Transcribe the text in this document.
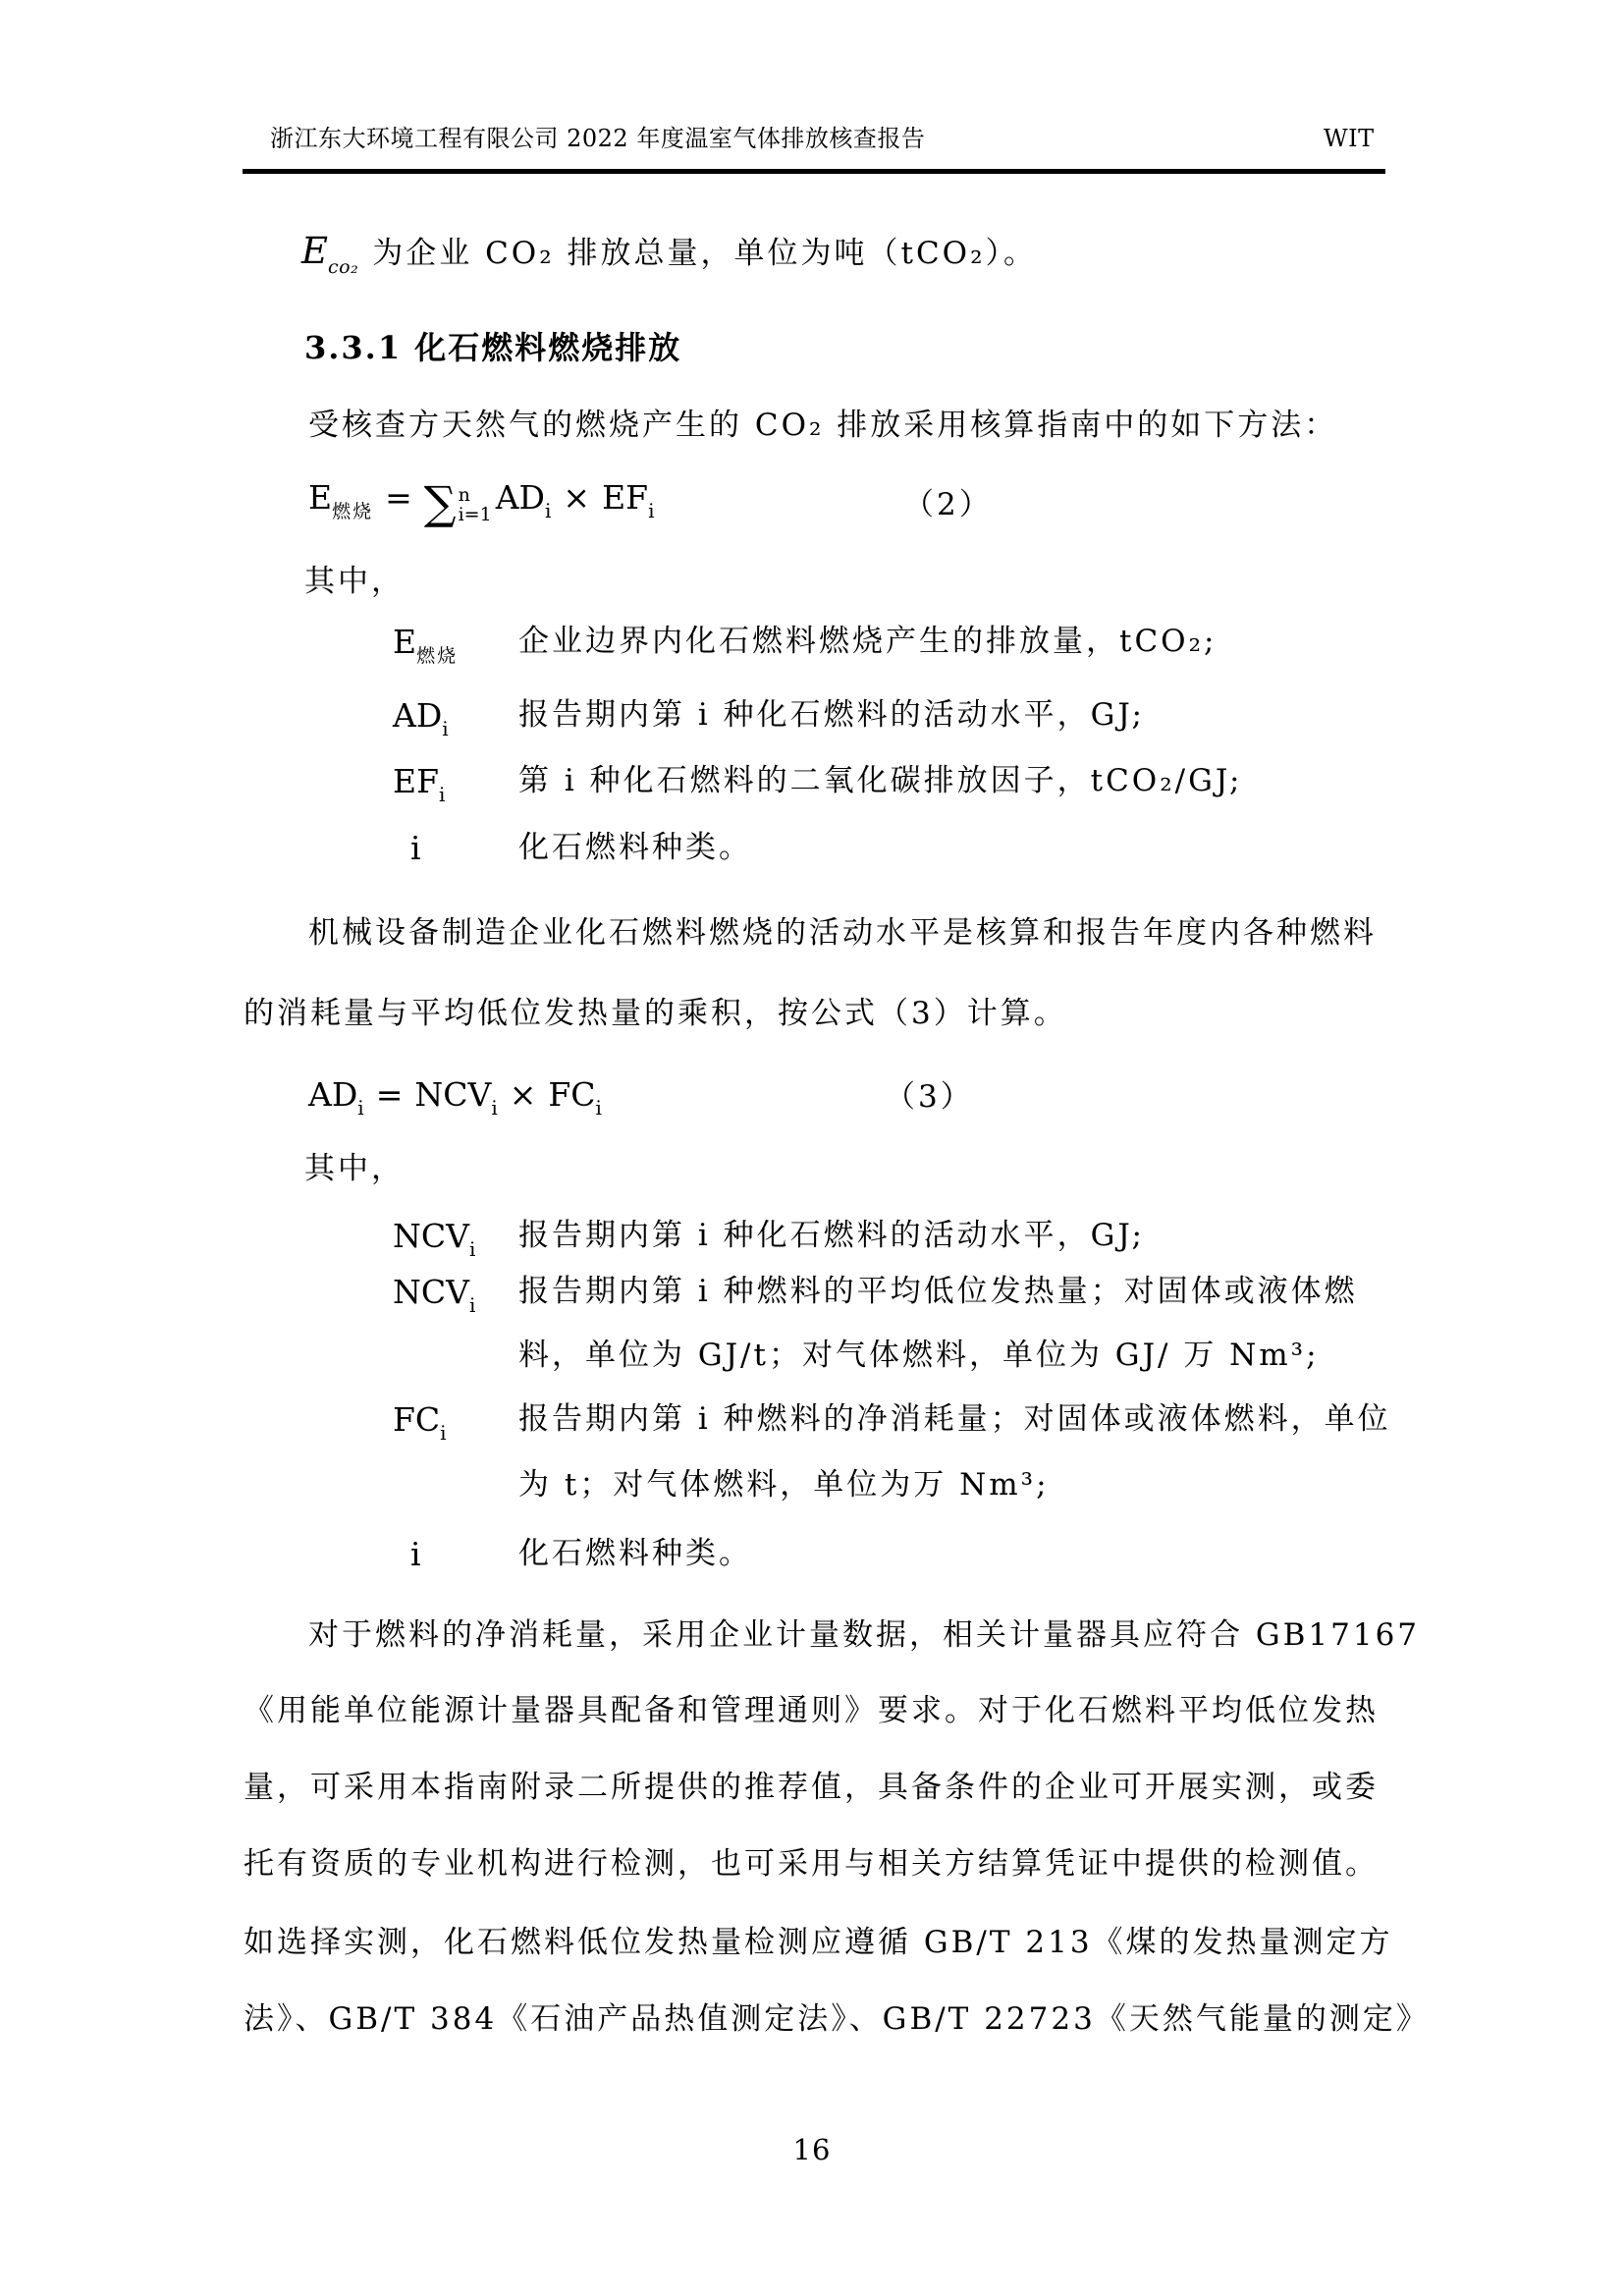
浙江东大环境工程有限公司 2022 年度温室气体排放核查报告	WIT
$E_{co_2}$ 为企业 CO₂ 排放总量，单位为吨（tCO₂）。
3.3.1 化石燃料燃烧排放
受核查方天然气的燃烧产生的 CO₂ 排放采用核算指南中的如下方法：
$E_{燃烧}$ = ∑ n
i=1 $AD_i \times EF_i$	（2）
其中，
$E_{燃烧}$ 企业边界内化石燃料燃烧产生的排放量，tCO₂;
$AD_i$ 报告期内第 i 种化石燃料的活动水平，GJ;
$EF_i$ 第 i 种化石燃料的二氧化碳排放因子，tCO₂/GJ;
i	化石燃料种类。
机械设备制造企业化石燃料燃烧的活动水平是核算和报告年度内各种燃料
的消耗量与平均低位发热量的乘积，按公式（3）计算。
$AD_i = NCV_i \times FC_i$	（3）
其中，
$NCV_i$ 报告期内第 i 种化石燃料的活动水平，GJ;
$NCV_i$ 报告期内第 i 种燃料的平均低位发热量；对固体或液体燃
料，单位为 GJ/t；对气体燃料，单位为 GJ/ 万 Nm³;
$FC_i$ 报告期内第 i 种燃料的净消耗量；对固体或液体燃料，单位
为 t；对气体燃料，单位为万 Nm³;
i	化石燃料种类。
对于燃料的净消耗量，采用企业计量数据，相关计量器具应符合 GB17167
《用能单位能源计量器具配备和管理通则》要求。对于化石燃料平均低位发热
量，可采用本指南附录二所提供的推荐值，具备条件的企业可开展实测，或委
托有资质的专业机构进行检测，也可采用与相关方结算凭证中提供的检测值。
如选择实测，化石燃料低位发热量检测应遵循 GB/T 213《煤的发热量测定方
法》、GB/T 384《石油产品热值测定法》、GB/T 22723《天然气能量的测定》
16
